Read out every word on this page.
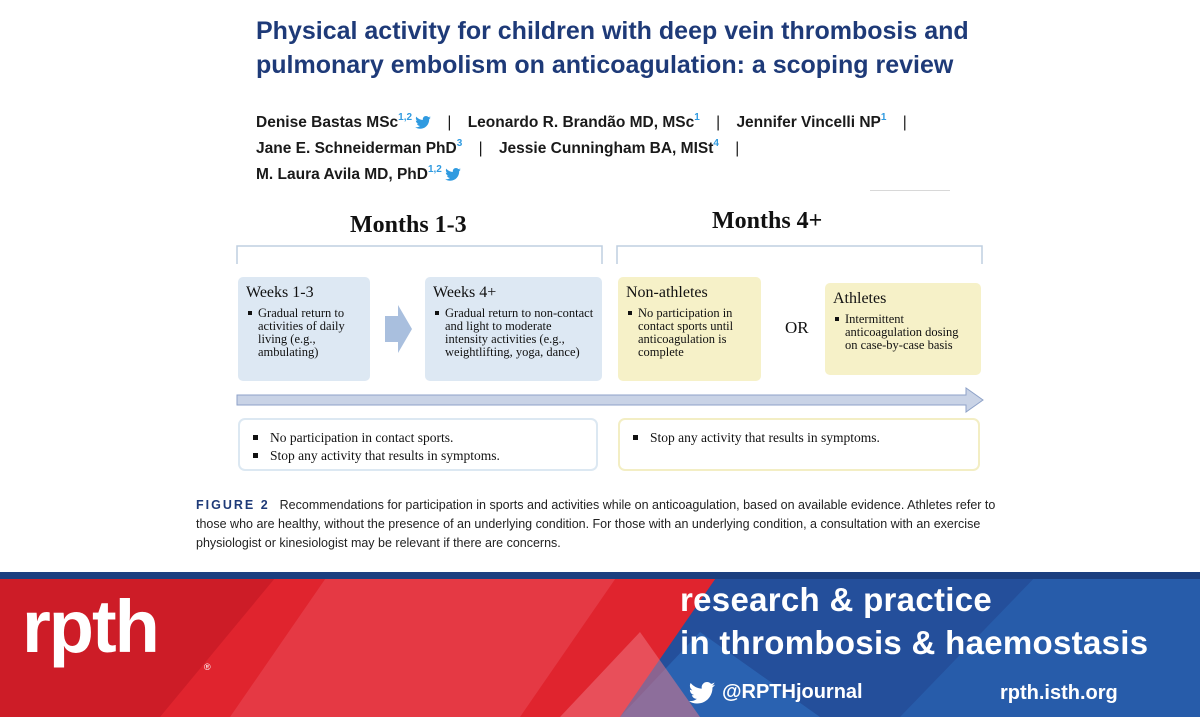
Physical activity for children with deep vein thrombosis and
pulmonary embolism on anticoagulation: a scoping review
Denise Bastas MSc$^{1,2}$ | Leonardo R. Brandão MD, MSc$^1$ | Jennifer Vincelli $NP^1$ |
Jane E. Schneiderman PhD$^3$ | Jessie Cunningham BA, MISt$^4$ |
M. Laura Avila MD, PhD$^{1,2}$
Months 1-3	Months 4+
Weeks 1-3
Gradual return to activities of daily living (e.g., ambulating)
Weeks 4+
Gradual return to non-contact and light to moderate intensity activities (e.g., weightlifting, yoga, dance)
Non-athletes
No participation in contact sports until anticoagulation is complete
OR
Athletes
Intermittent anticoagulation dosing on case-by-case basis
No participation in contact sports.
Stop any activity that results in symptoms.
Stop any activity that results in symptoms.
FIGURE 2 Recommendations for participation in sports and activities while on anticoagulation, based on available evidence. Athletes refer to those who are healthy, without the presence of an underlying condition. For those with an underlying condition, a consultation with an exercise physiologist or kinesiologist may be relevant if there are concerns.
rpth	®
research & practice
in thrombosis & haemostasis
@RPTHjournal	rpth.isth.org
